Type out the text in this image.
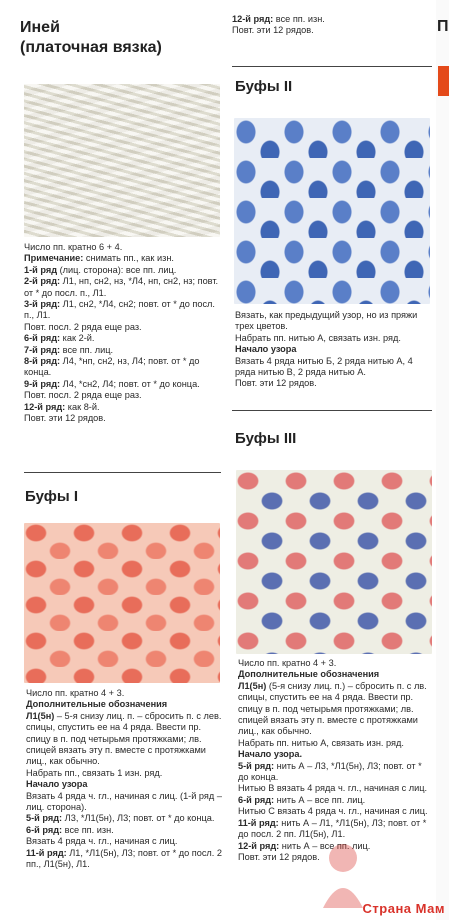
Иней
(платочная вязка)

Число пп. кратно 6 + 4.

Примечание: снимать пп., как изн.

1-й ряд (лиц. сторона): все пп. лиц.

2-й ряд: Л1, нп, сн2, нз, *Л4, нп, сн2, нз; повт. от * до посл. п., Л1.

3-й ряд: Л1, сн2, *Л4, сн2; повт. от * до посл. п., Л1.

Повт. посл. 2 ряда еще раз.

6-й ряд: как 2-й.

7-й ряд: все пп. лиц.

8-й ряд: Л4, *нп, сн2, нз, Л4; повт. от * до конца.

9-й ряд: Л4, *сн2, Л4; повт. от * до конца.

Повт. посл. 2 ряда еще раз.

12-й ряд: как 8-й.

Повт. эти 12 рядов.

Буфы I

Число пп. кратно 4 + 3.

Дополнительные обозначения

Л1(5н) – 5-я снизу лиц. п. – сбросить п. с лев. спицы, спустить ее на 4 ряда. Ввести пр. спицу в п. под четырьмя протяжками; лв. спицей вязать эту п. вместе с протяжками лиц., как обычно.

Набрать пп., связать 1 изн. ряд.

Начало узора

Вязать 4 ряда ч. гл., начиная с лиц. (1-й ряд – лиц. сторона).

5-й ряд: Л3, *Л1(5н), Л3; повт. от * до конца.

6-й ряд: все пп. изн.

Вязать 4 ряда ч. гл., начиная с лиц.

11-й ряд: Л1, *Л1(5н), Л3; повт. от * до посл. 2 пп., Л1(5н), Л1.

12-й ряд: все пп. изн.

Повт. эти 12 рядов.

Буфы II

Вязать, как предыдущий узор, но из пряжи трех цветов.

Набрать пп. нитью А, связать изн. ряд.

Начало узора

Вязать 4 ряда нитью Б, 2 ряда нитью А, 4 ряда нитью В, 2 ряда нитью А.

Повт. эти 12 рядов.

Буфы III

Число пп. кратно 4 + 3.

Дополнительные обозначения

Л1(5н) (5-я снизу лиц. п.) – сбросить п. с лв. спицы, спустить ее на 4 ряда. Ввести пр. спицу в п. под четырьмя протяжками; лв. спицей вязать эту п. вместе с протяжками лиц., как обычно.

Набрать пп. нитью А, связать изн. ряд.

Начало узора.

5-й ряд: нить А – Л3, *Л1(5н), Л3; повт. от * до конца.

Нитью В вязать 4 ряда ч. гл., начиная с лиц.

6-й ряд: нить А – все пп. лиц.

Нитью С вязать 4 ряда ч. гл., начиная с лиц.

11-й ряд: нить А – Л1, *Л1(5н), Л3; повт. от * до посл. 2 пп. Л1(5н), Л1.

12-й ряд: нить А – все пп. лиц.

Повт. эти 12 рядов.

П
Страна Мам
